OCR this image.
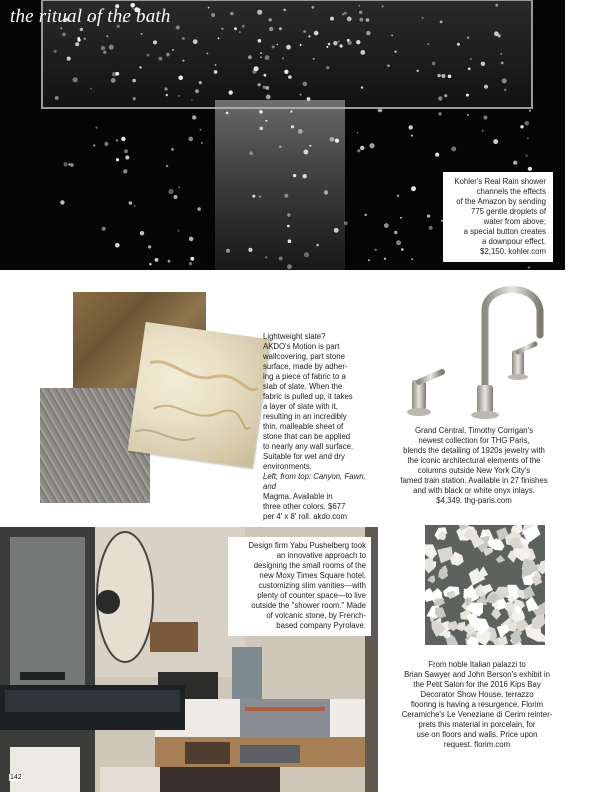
the ritual of the bath
Kohler's Real Rain shower
channels the effects
of the Amazon by sending
775 gentle droplets of
water from above;
a special button creates
a downpour effect.
$2,150. kohler.com
Lightweight slate?
AKDO's Motion is part
wallcovering, part stone
surface, made by adher-
ing a piece of fabric to a
slab of slate. When the
fabric is pulled up, it takes
a layer of slate with it,
resulting in an incredibly
thin, malleable sheet of
stone that can be applied
to nearly any wall surface.
Suitable for wet and dry
environments.
Left, from top: Canyon, Fawn, and
Magma. Available in
three other colors. $677
per 4' x 8' roll. akdo.com
Grand Central, Timothy Corrigan's
newest collection for THG Paris,
blends the detailing of 1920s jewelry with
the iconic architectural elements of the
columns outside New York City's
famed train station. Available in 27 finishes
and with black or white onyx inlays.
$4,349. thg-paris.com
Design firm Yabu Pushelberg took
an innovative approach to
designing the small rooms of the
new Moxy Times Square hotel,
customizing slim vanities—with
plenty of counter space—to live
outside the "shower room." Made
of volcanic stone, by French-
based company Pyrolave.
142
From noble Italian palazzi to
Brian Sawyer and John Berson's exhibit in
the Petit Salon for the 2016 Kips Bay
Decorator Show House, terrazzo
flooring is having a resurgence. Florim
Ceramiche's Le Veneziane di Cerim reinter-
prets this material in porcelain, for
use on floors and walls. Price upon
request. florim.com
